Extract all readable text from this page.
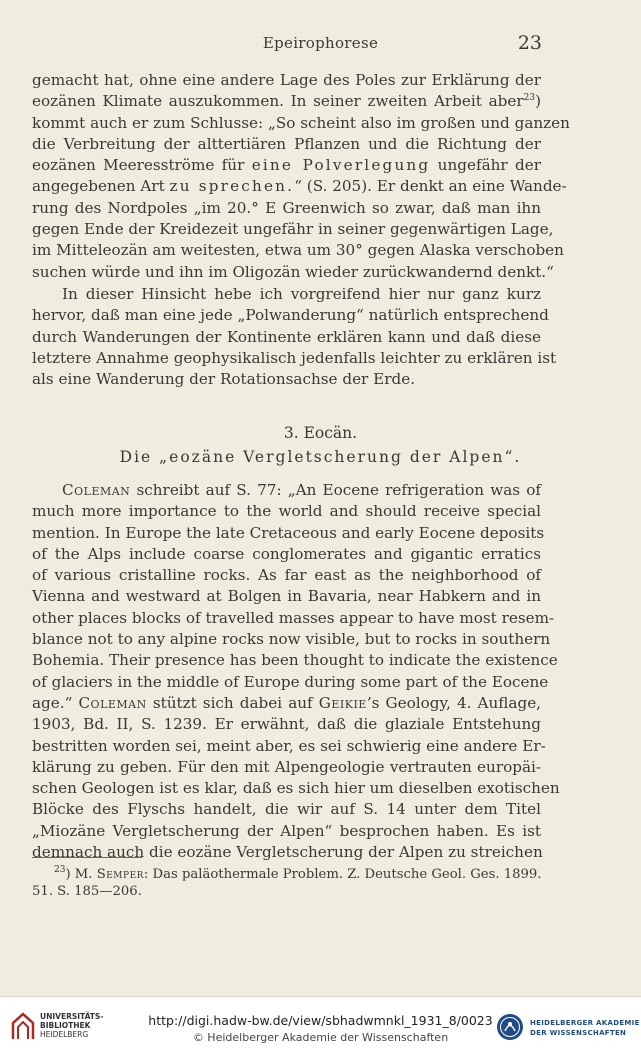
Epeirophorese	23
gemacht hat, ohne eine andere Lage des Poles zur Erklärung der
eozänen Klimate auszukommen. In seiner zweiten Arbeit aber$^{23}$)
kommt auch er zum Schlusse: „So scheint also im großen und ganzen
die Verbreitung der alttertiären Pflanzen und die Richtung der
eozänen Meeresströme für eine Polverlegung ungefähr der
angegebenen Art zu sprechen.“ (S. 205). Er denkt an eine Wande-
rung des Nordpoles „im 20.° E Greenwich so zwar, daß man ihn
gegen Ende der Kreidezeit ungefähr in seiner gegenwärtigen Lage,
im Mitteleozän am weitesten, etwa um 30° gegen Alaska verschoben
suchen würde und ihn im Oligozän wieder zurückwandernd denkt.“
In dieser Hinsicht hebe ich vorgreifend hier nur ganz kurz
hervor, daß man eine jede „Polwanderung“ natürlich entsprechend
durch Wanderungen der Kontinente erklären kann und daß diese
letztere Annahme geophysikalisch jedenfalls leichter zu erklären ist
als eine Wanderung der Rotationsachse der Erde.
3. Eocän.
Die „eozäne Vergletscherung der Alpen“.
Coleman schreibt auf S. 77: „An Eocene refrigeration was of
much more importance to the world and should receive special
mention. In Europe the late Cretaceous and early Eocene deposits
of the Alps include coarse conglomerates and gigantic erratics
of various cristalline rocks. As far east as the neighborhood of
Vienna and westward at Bolgen in Bavaria, near Habkern and in
other places blocks of travelled masses appear to have most resem-
blance not to any alpine rocks now visible, but to rocks in southern
Bohemia. Their presence has been thought to indicate the existence
of glaciers in the middle of Europe during some part of the Eocene
age.“ Coleman stützt sich dabei auf Geikie’s Geology, 4. Auflage,
1903, Bd. II, S. 1239. Er erwähnt, daß die glaziale Entstehung
bestritten worden sei, meint aber, es sei schwierig eine andere Er-
klärung zu geben. Für den mit Alpengeologie vertrauten europäi-
schen Geologen ist es klar, daß es sich hier um dieselben exotischen
Blöcke des Flyschs handelt, die wir auf S. 14 unter dem Titel
„Miozäne Vergletscherung der Alpen“ besprochen haben. Es ist
demnach auch die eozäne Vergletscherung der Alpen zu streichen
$^{23}$) M. Semper: Das paläothermale Problem. Z. Deutsche Geol. Ges. 1899.
51. S. 185—206.
UNIVERSITÄTS-
BIBLIOTHEK
HEIDELBERG
http://digi.hadw-bw.de/view/sbhadwmnkl_1931_8/0023
© Heidelberger Akademie der Wissenschaften
HEIDELBERGER AKADEMIE
DER WISSENSCHAFTEN
